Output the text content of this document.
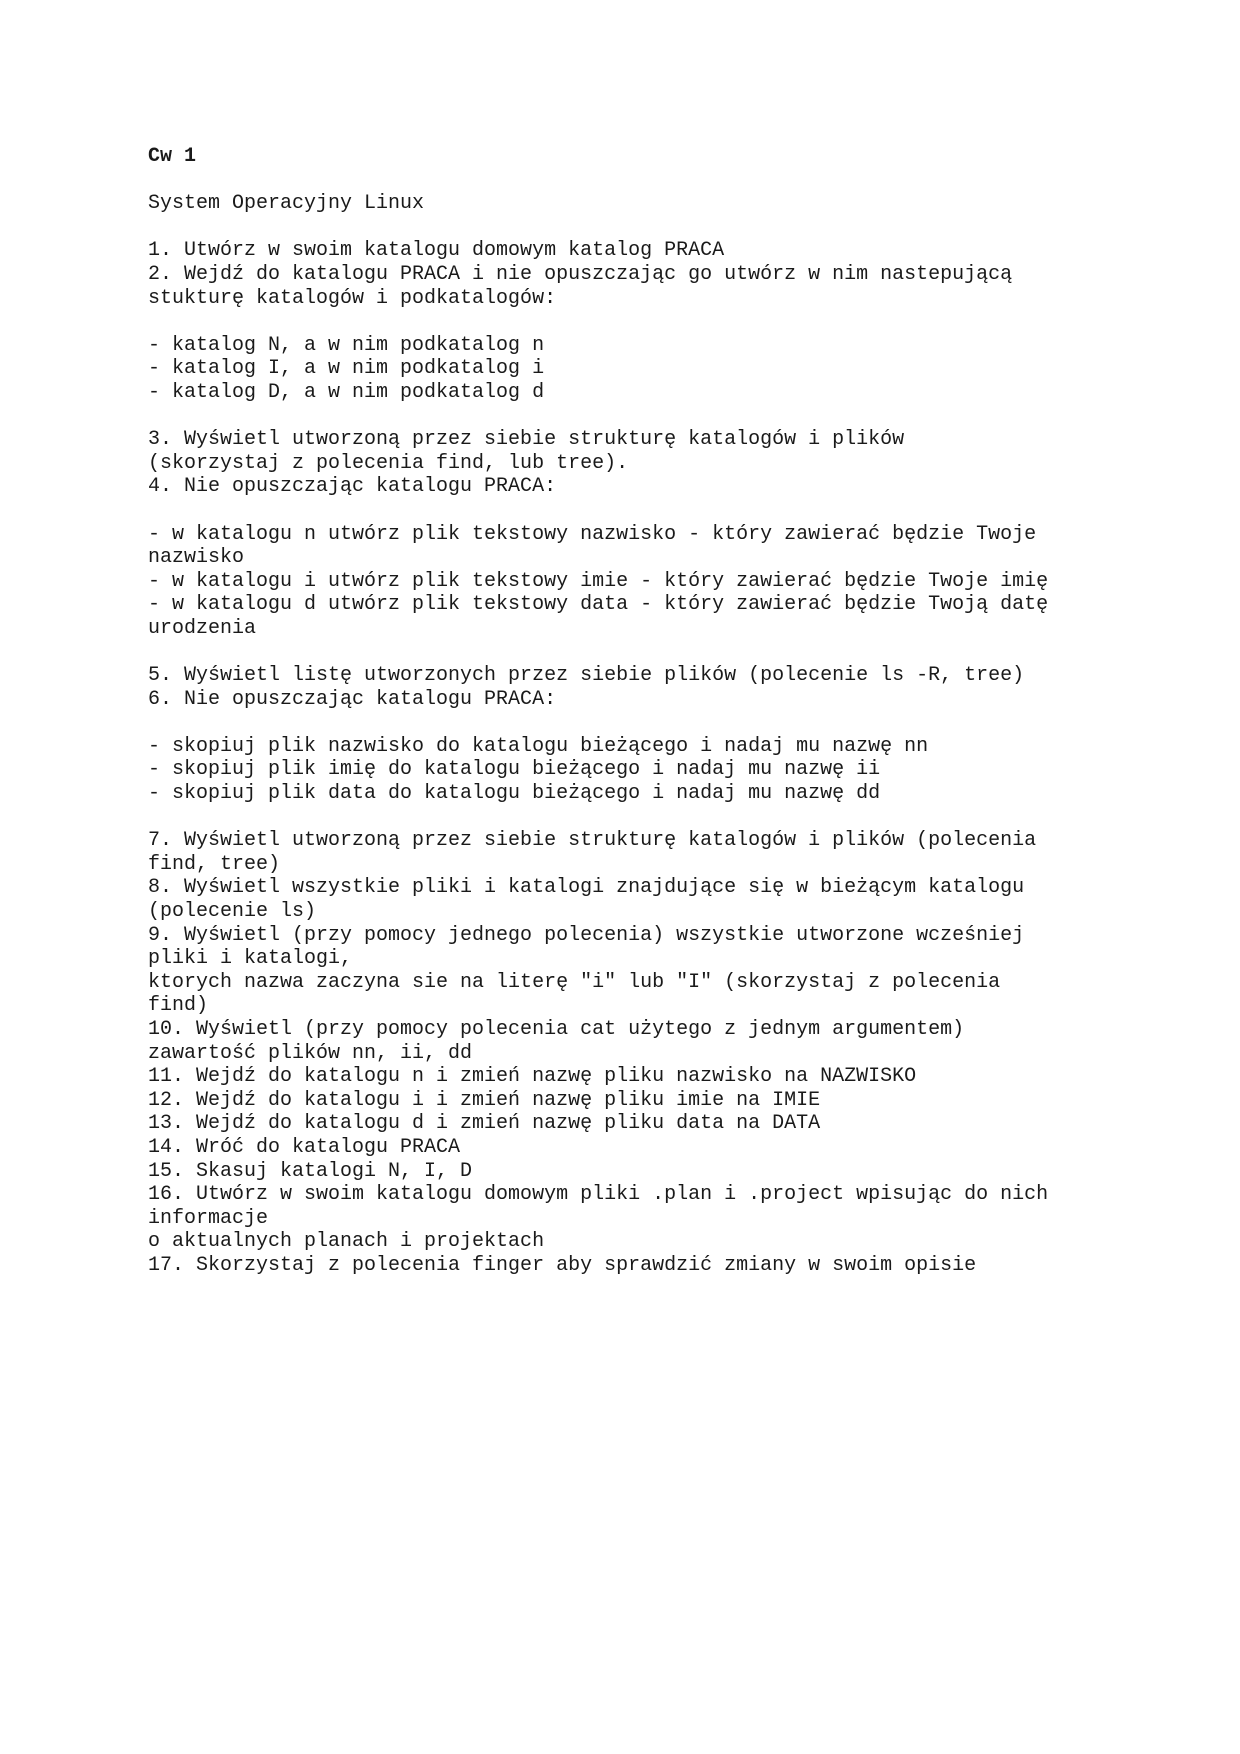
Cw 1
System Operacyjny Linux
1. Utwórz w swoim katalogu domowym katalog PRACA
2. Wejdź do katalogu PRACA i nie opuszczając go utwórz w nim nastepującą
stukturę katalogów i podkatalogów:
- katalog N, a w nim podkatalog n
- katalog I, a w nim podkatalog i
- katalog D, a w nim podkatalog d
3. Wyświetl utworzoną przez siebie strukturę katalogów i plików
(skorzystaj z polecenia find, lub tree).
4. Nie opuszczając katalogu PRACA:
- w katalogu n utwórz plik tekstowy nazwisko - który zawierać będzie Twoje
nazwisko
- w katalogu i utwórz plik tekstowy imie - który zawierać będzie Twoje imię
- w katalogu d utwórz plik tekstowy data - który zawierać będzie Twoją datę
urodzenia
5. Wyświetl listę utworzonych przez siebie plików (polecenie ls -R, tree)
6. Nie opuszczając katalogu PRACA:
- skopiuj plik nazwisko do katalogu bieżącego i nadaj mu nazwę nn
- skopiuj plik imię do katalogu bieżącego i nadaj mu nazwę ii
- skopiuj plik data do katalogu bieżącego i nadaj mu nazwę dd
7. Wyświetl utworzoną przez siebie strukturę katalogów i plików (polecenia
find, tree)
8. Wyświetl wszystkie pliki i katalogi znajdujące się w bieżącym katalogu
(polecenie ls)
9. Wyświetl (przy pomocy jednego polecenia) wszystkie utworzone wcześniej
pliki i katalogi,
ktorych nazwa zaczyna sie na literę "i" lub "I" (skorzystaj z polecenia
find)
10. Wyświetl (przy pomocy polecenia cat użytego z jednym argumentem)
zawartość plików nn, ii, dd
11. Wejdź do katalogu n i zmień nazwę pliku nazwisko na NAZWISKO
12. Wejdź do katalogu i i zmień nazwę pliku imie na IMIE
13. Wejdź do katalogu d i zmień nazwę pliku data na DATA
14. Wróć do katalogu PRACA
15. Skasuj katalogi N, I, D
16. Utwórz w swoim katalogu domowym pliki .plan i .project wpisując do nich
informacje
o aktualnych planach i projektach
17. Skorzystaj z polecenia finger aby sprawdzić zmiany w swoim opisie
